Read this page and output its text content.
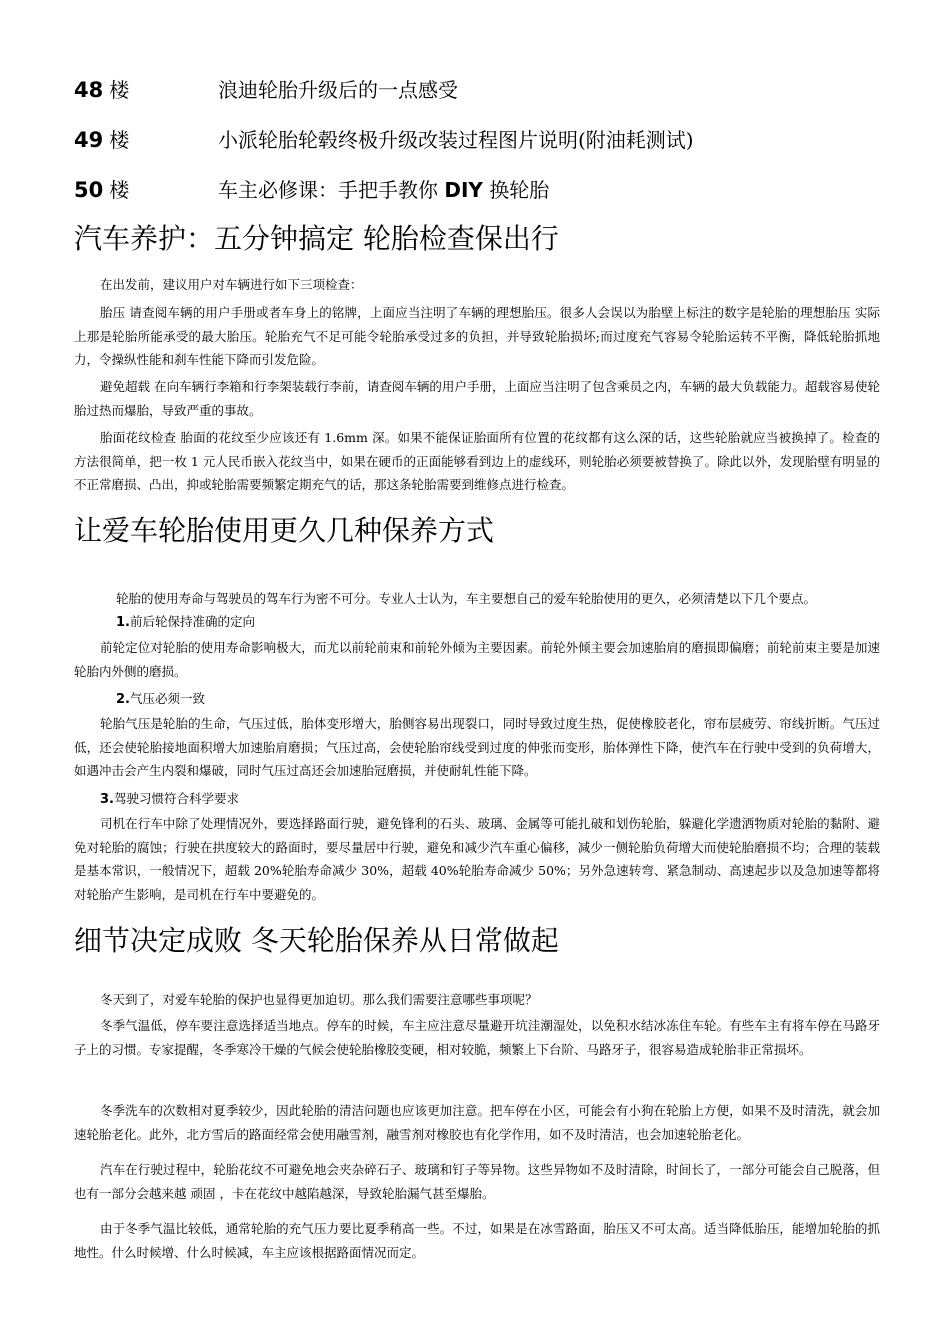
48 楼	浪迪轮胎升级后的一点感受
49 楼	小派轮胎轮毂终极升级改装过程图片说明(附油耗测试)
50 楼	车主必修课：手把手教你 DIY 换轮胎
汽车养护：五分钟搞定 轮胎检查保出行
在出发前，建议用户对车辆进行如下三项检查：
胎压 请查阅车辆的用户手册或者车身上的铭牌，上面应当注明了车辆的理想胎压。很多人会误以为胎壁上标注的数字是轮胎的理想胎压 实际上那是轮胎所能承受的最大胎压。轮胎充气不足可能令轮胎承受过多的负担，并导致轮胎损坏;而过度充气容易令轮胎运转不平衡，降低轮胎抓地力，令操纵性能和刹车性能下降而引发危险。
避免超载 在向车辆行李箱和行李架装载行李前，请查阅车辆的用户手册，上面应当注明了包含乘员之内，车辆的最大负载能力。超载容易使轮胎过热而爆胎，导致严重的事故。
胎面花纹检查 胎面的花纹至少应该还有 1.6mm 深。如果不能保证胎面所有位置的花纹都有这么深的话，这些轮胎就应当被换掉了。检查的方法很简单，把一枚 1 元人民币嵌入花纹当中，如果在硬币的正面能够看到边上的虚线环，则轮胎必须要被替换了。除此以外，发现胎壁有明显的不正常磨损、凸出，抑或轮胎需要频繁定期充气的话，那这条轮胎需要到维修点进行检查。
让爱车轮胎使用更久几种保养方式
轮胎的使用寿命与驾驶员的驾车行为密不可分。专业人士认为，车主要想自己的爱车轮胎使用的更久，必须清楚以下几个要点。
1.前后轮保持准确的定向
前轮定位对轮胎的使用寿命影响极大，而尤以前轮前束和前轮外倾为主要因素。前轮外倾主要会加速胎肩的磨损即偏磨；前轮前束主要是加速轮胎内外侧的磨损。
2.气压必须一致
轮胎气压是轮胎的生命，气压过低，胎体变形增大，胎侧容易出现裂口，同时导致过度生热，促使橡胶老化，帘布层疲劳、帘线折断。气压过低，还会使轮胎接地面积增大加速胎肩磨损；气压过高，会使轮胎帘线受到过度的伸张而变形，胎体弹性下降，使汽车在行驶中受到的负荷增大，如遇冲击会产生内裂和爆破，同时气压过高还会加速胎冠磨损，并使耐轧性能下降。
3.驾驶习惯符合科学要求
司机在行车中除了处理情况外，要选择路面行驶，避免锋利的石头、玻璃、金属等可能扎破和划伤轮胎，躲避化学遗洒物质对轮胎的黏附、避免对轮胎的腐蚀；行驶在拱度较大的路面时，要尽量居中行驶，避免和减少汽车重心偏移，减少一侧轮胎负荷增大而使轮胎磨损不均；合理的装载是基本常识，一般情况下，超载 20%轮胎寿命减少 30%，超载 40%轮胎寿命减少 50%；另外急速转弯、紧急制动、高速起步以及急加速等都将对轮胎产生影响，是司机在行车中要避免的。
细节决定成败 冬天轮胎保养从日常做起
冬天到了，对爱车轮胎的保护也显得更加迫切。那么我们需要注意哪些事项呢？
冬季气温低，停车要注意选择适当地点。停车的时候，车主应注意尽量避开坑洼潮湿处，以免积水结冰冻住车轮。有些车主有将车停在马路牙子上的习惯。专家提醒，冬季寒冷干燥的气候会使轮胎橡胶变硬，相对较脆，频繁上下台阶、马路牙子，很容易造成轮胎非正常损坏。
冬季洗车的次数相对夏季较少，因此轮胎的清洁问题也应该更加注意。把车停在小区，可能会有小狗在轮胎上方便，如果不及时清洗，就会加速轮胎老化。此外，北方雪后的路面经常会使用融雪剂，融雪剂对橡胶也有化学作用，如不及时清洁，也会加速轮胎老化。
汽车在行驶过程中，轮胎花纹不可避免地会夹杂碎石子、玻璃和钉子等异物。这些异物如不及时清除，时间长了，一部分可能会自己脱落，但也有一部分会越来越 顽固 ，卡在花纹中越陷越深，导致轮胎漏气甚至爆胎。
由于冬季气温比较低，通常轮胎的充气压力要比夏季稍高一些。不过，如果是在冰雪路面，胎压又不可太高。适当降低胎压，能增加轮胎的抓地性。什么时候增、什么时候减，车主应该根据路面情况而定。
